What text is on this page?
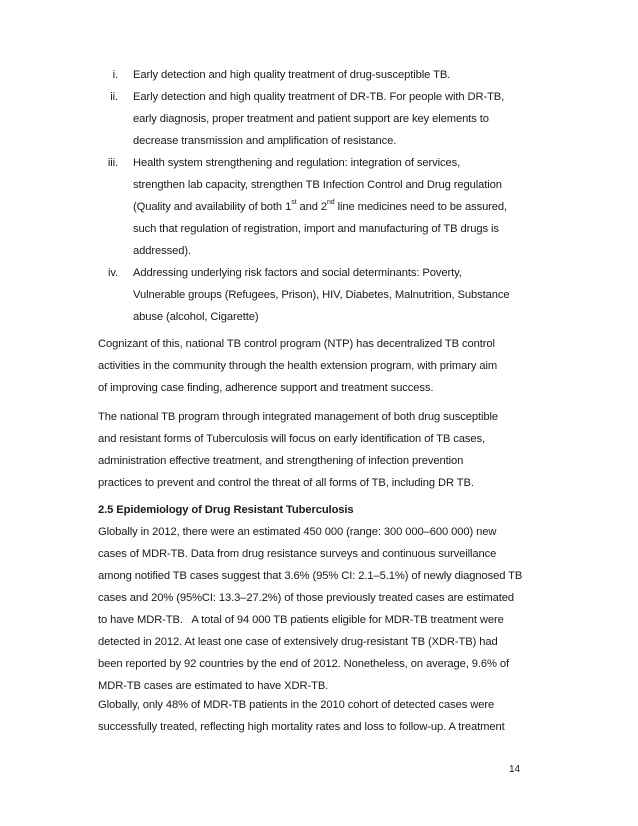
i. Early detection and high quality treatment of drug-susceptible TB.
ii. Early detection and high quality treatment of DR-TB. For people with DR-TB,
early diagnosis, proper treatment and patient support are key elements to
decrease transmission and amplification of resistance.
iii. Health system strengthening and regulation: integration of services,
strengthen lab capacity, strengthen TB Infection Control and Drug regulation
(Quality and availability of both 1st and 2nd line medicines need to be assured,
such that regulation of registration, import and manufacturing of TB drugs is
addressed).
iv. Addressing underlying risk factors and social determinants: Poverty,
Vulnerable groups (Refugees, Prison), HIV, Diabetes, Malnutrition, Substance
abuse (alcohol, Cigarette)

Cognizant of this, national TB control program (NTP) has decentralized TB control
activities in the community through the health extension program, with primary aim
of improving case finding, adherence support and treatment success.

The national TB program through integrated management of both drug susceptible
and resistant forms of Tuberculosis will focus on early identification of TB cases,
administration effective treatment, and strengthening of infection prevention
practices to prevent and control the threat of all forms of TB, including DR TB.

2.5 Epidemiology of Drug Resistant Tuberculosis

Globally in 2012, there were an estimated 450 000 (range: 300 000–600 000) new
cases of MDR-TB. Data from drug resistance surveys and continuous surveillance
among notified TB cases suggest that 3.6% (95% CI: 2.1–5.1%) of newly diagnosed TB
cases and 20% (95%CI: 13.3–27.2%) of those previously treated cases are estimated
to have MDR-TB.   A total of 94 000 TB patients eligible for MDR-TB treatment were
detected in 2012. At least one case of extensively drug-resistant TB (XDR-TB) had
been reported by 92 countries by the end of 2012. Nonetheless, on average, 9.6% of
MDR-TB cases are estimated to have XDR-TB.

Globally, only 48% of MDR-TB patients in the 2010 cohort of detected cases were
successfully treated, reflecting high mortality rates and loss to follow-up. A treatment

14
